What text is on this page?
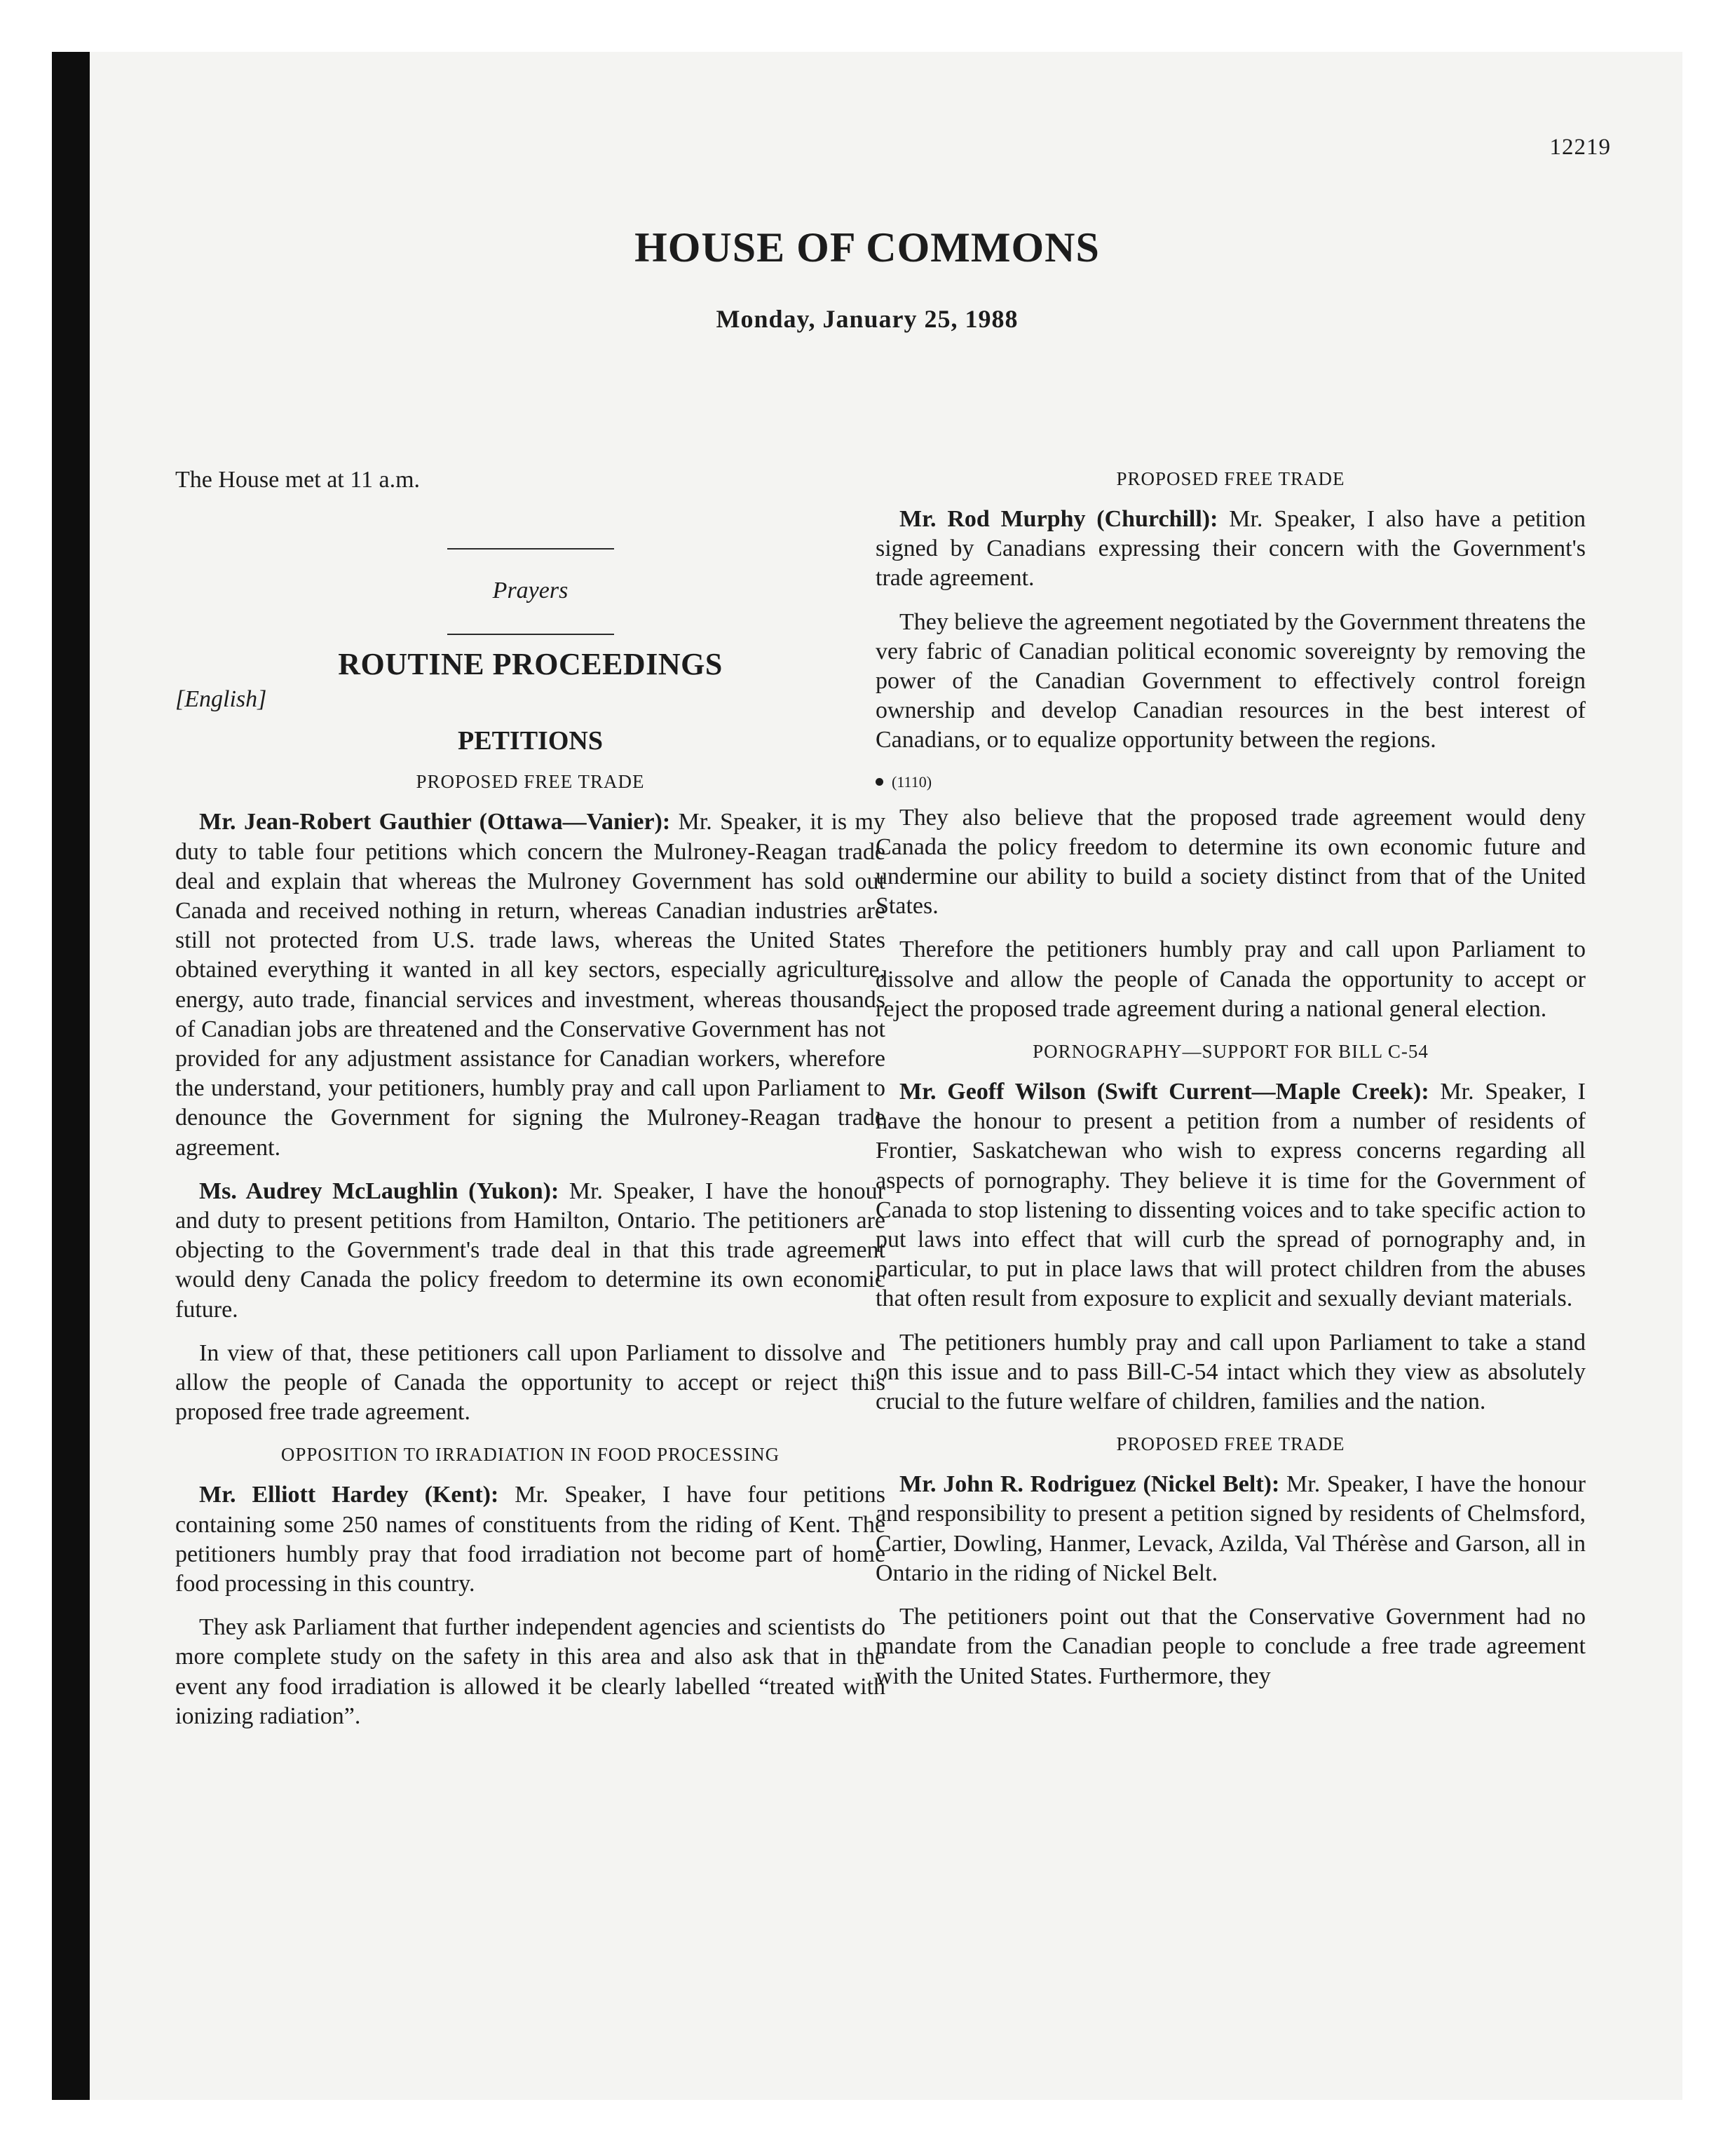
12219
HOUSE OF COMMONS
Monday, January 25, 1988

The House met at 11 a.m.

Prayers
ROUTINE PROCEEDINGS
[English]
PETITIONS
PROPOSED FREE TRADE

Mr. Jean-Robert Gauthier (Ottawa—Vanier): Mr. Speaker, it is my duty to table four petitions which concern the Mulroney-Reagan trade deal and explain that whereas the Mulroney Government has sold out Canada and received nothing in return, whereas Canadian industries are still not protected from U.S. trade laws, whereas the United States obtained everything it wanted in all key sectors, especially agriculture, energy, auto trade, financial services and investment, whereas thousands of Canadian jobs are threatened and the Conservative Government has not provided for any adjustment assistance for Canadian workers, wherefore the understand, your petitioners, humbly pray and call upon Parliament to denounce the Government for signing the Mulroney-Reagan trade agreement.

Ms. Audrey McLaughlin (Yukon): Mr. Speaker, I have the honour and duty to present petitions from Hamilton, Ontario. The petitioners are objecting to the Government's trade deal in that this trade agreement would deny Canada the policy freedom to determine its own economic future.

In view of that, these petitioners call upon Parliament to dissolve and allow the people of Canada the opportunity to accept or reject this proposed free trade agreement.

OPPOSITION TO IRRADIATION IN FOOD PROCESSING

Mr. Elliott Hardey (Kent): Mr. Speaker, I have four petitions containing some 250 names of constituents from the riding of Kent. The petitioners humbly pray that food irradiation not become part of home food processing in this country.

They ask Parliament that further independent agencies and scientists do more complete study on the safety in this area and also ask that in the event any food irradiation is allowed it be clearly labelled “treated with ionizing radiation”.

PROPOSED FREE TRADE

Mr. Rod Murphy (Churchill): Mr. Speaker, I also have a petition signed by Canadians expressing their concern with the Government's trade agreement.

They believe the agreement negotiated by the Government threatens the very fabric of Canadian political economic sovereignty by removing the power of the Canadian Government to effectively control foreign ownership and develop Canadian resources in the best interest of Canadians, or to equalize opportunity between the regions.

(1110)

They also believe that the proposed trade agreement would deny Canada the policy freedom to determine its own economic future and undermine our ability to build a society distinct from that of the United States.

Therefore the petitioners humbly pray and call upon Parliament to dissolve and allow the people of Canada the opportunity to accept or reject the proposed trade agreement during a national general election.

PORNOGRAPHY—SUPPORT FOR BILL C-54

Mr. Geoff Wilson (Swift Current—Maple Creek): Mr. Speaker, I have the honour to present a petition from a number of residents of Frontier, Saskatchewan who wish to express concerns regarding all aspects of pornography. They believe it is time for the Government of Canada to stop listening to dissenting voices and to take specific action to put laws into effect that will curb the spread of pornography and, in particular, to put in place laws that will protect children from the abuses that often result from exposure to explicit and sexually deviant materials.

The petitioners humbly pray and call upon Parliament to take a stand on this issue and to pass Bill-C-54 intact which they view as absolutely crucial to the future welfare of children, families and the nation.

PROPOSED FREE TRADE

Mr. John R. Rodriguez (Nickel Belt): Mr. Speaker, I have the honour and responsibility to present a petition signed by residents of Chelmsford, Cartier, Dowling, Hanmer, Levack, Azilda, Val Thérèse and Garson, all in Ontario in the riding of Nickel Belt.

The petitioners point out that the Conservative Government had no mandate from the Canadian people to conclude a free trade agreement with the United States. Furthermore, they
